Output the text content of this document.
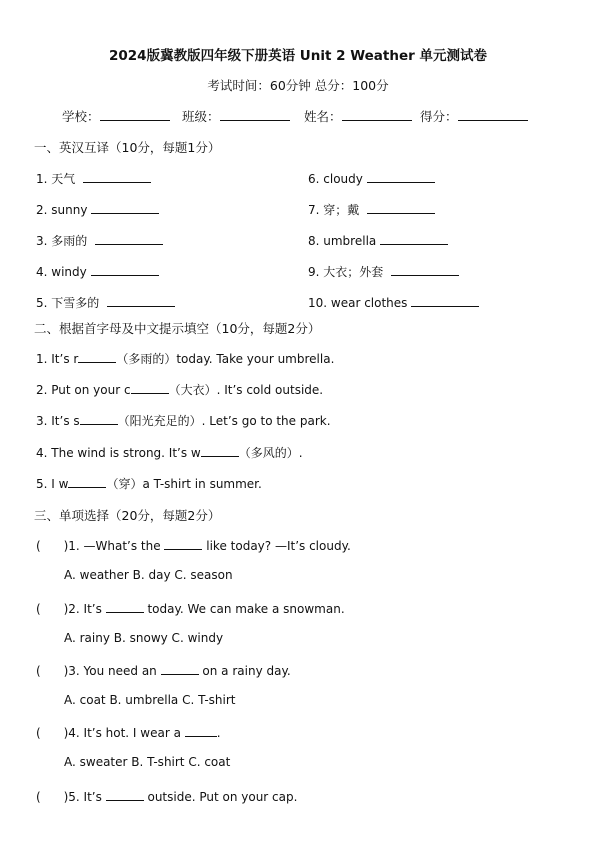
2024版冀教版四年级下册英语 Unit 2 Weather 单元测试卷
考试时间：60分钟 总分：100分
学校：	班级：	姓名：	得分：
一、英汉互译（10分，每题1分）
1. 天气	6. cloudy
2. sunny	7. 穿；戴
3. 多雨的	8. umbrella
4. windy	9. 大衣；外套
5. 下雪多的	10. wear clothes
二、根据首字母及中文提示填空（10分，每题2分）
1. It’s r	（多雨的）today. Take your umbrella.
2. Put on your c	（大衣）. It’s cold outside.
3. It’s s	（阳光充足的）. Let’s go to the park.
4. The wind is strong. It’s w	（多风的）.
5. I w	（穿）a T-shirt in summer.
三、单项选择（20分，每题2分）
(      )1. —What’s the	like today? —It’s cloudy.
A. weather B. day C. season
(      )2. It’s	today. We can make a snowman.
A. rainy B. snowy C. windy
(      )3. You need an	on a rainy day.
A. coat B. umbrella C. T-shirt
(      )4. It’s hot. I wear a	.
A. sweater B. T-shirt C. coat
(      )5. It’s	outside. Put on your cap.
